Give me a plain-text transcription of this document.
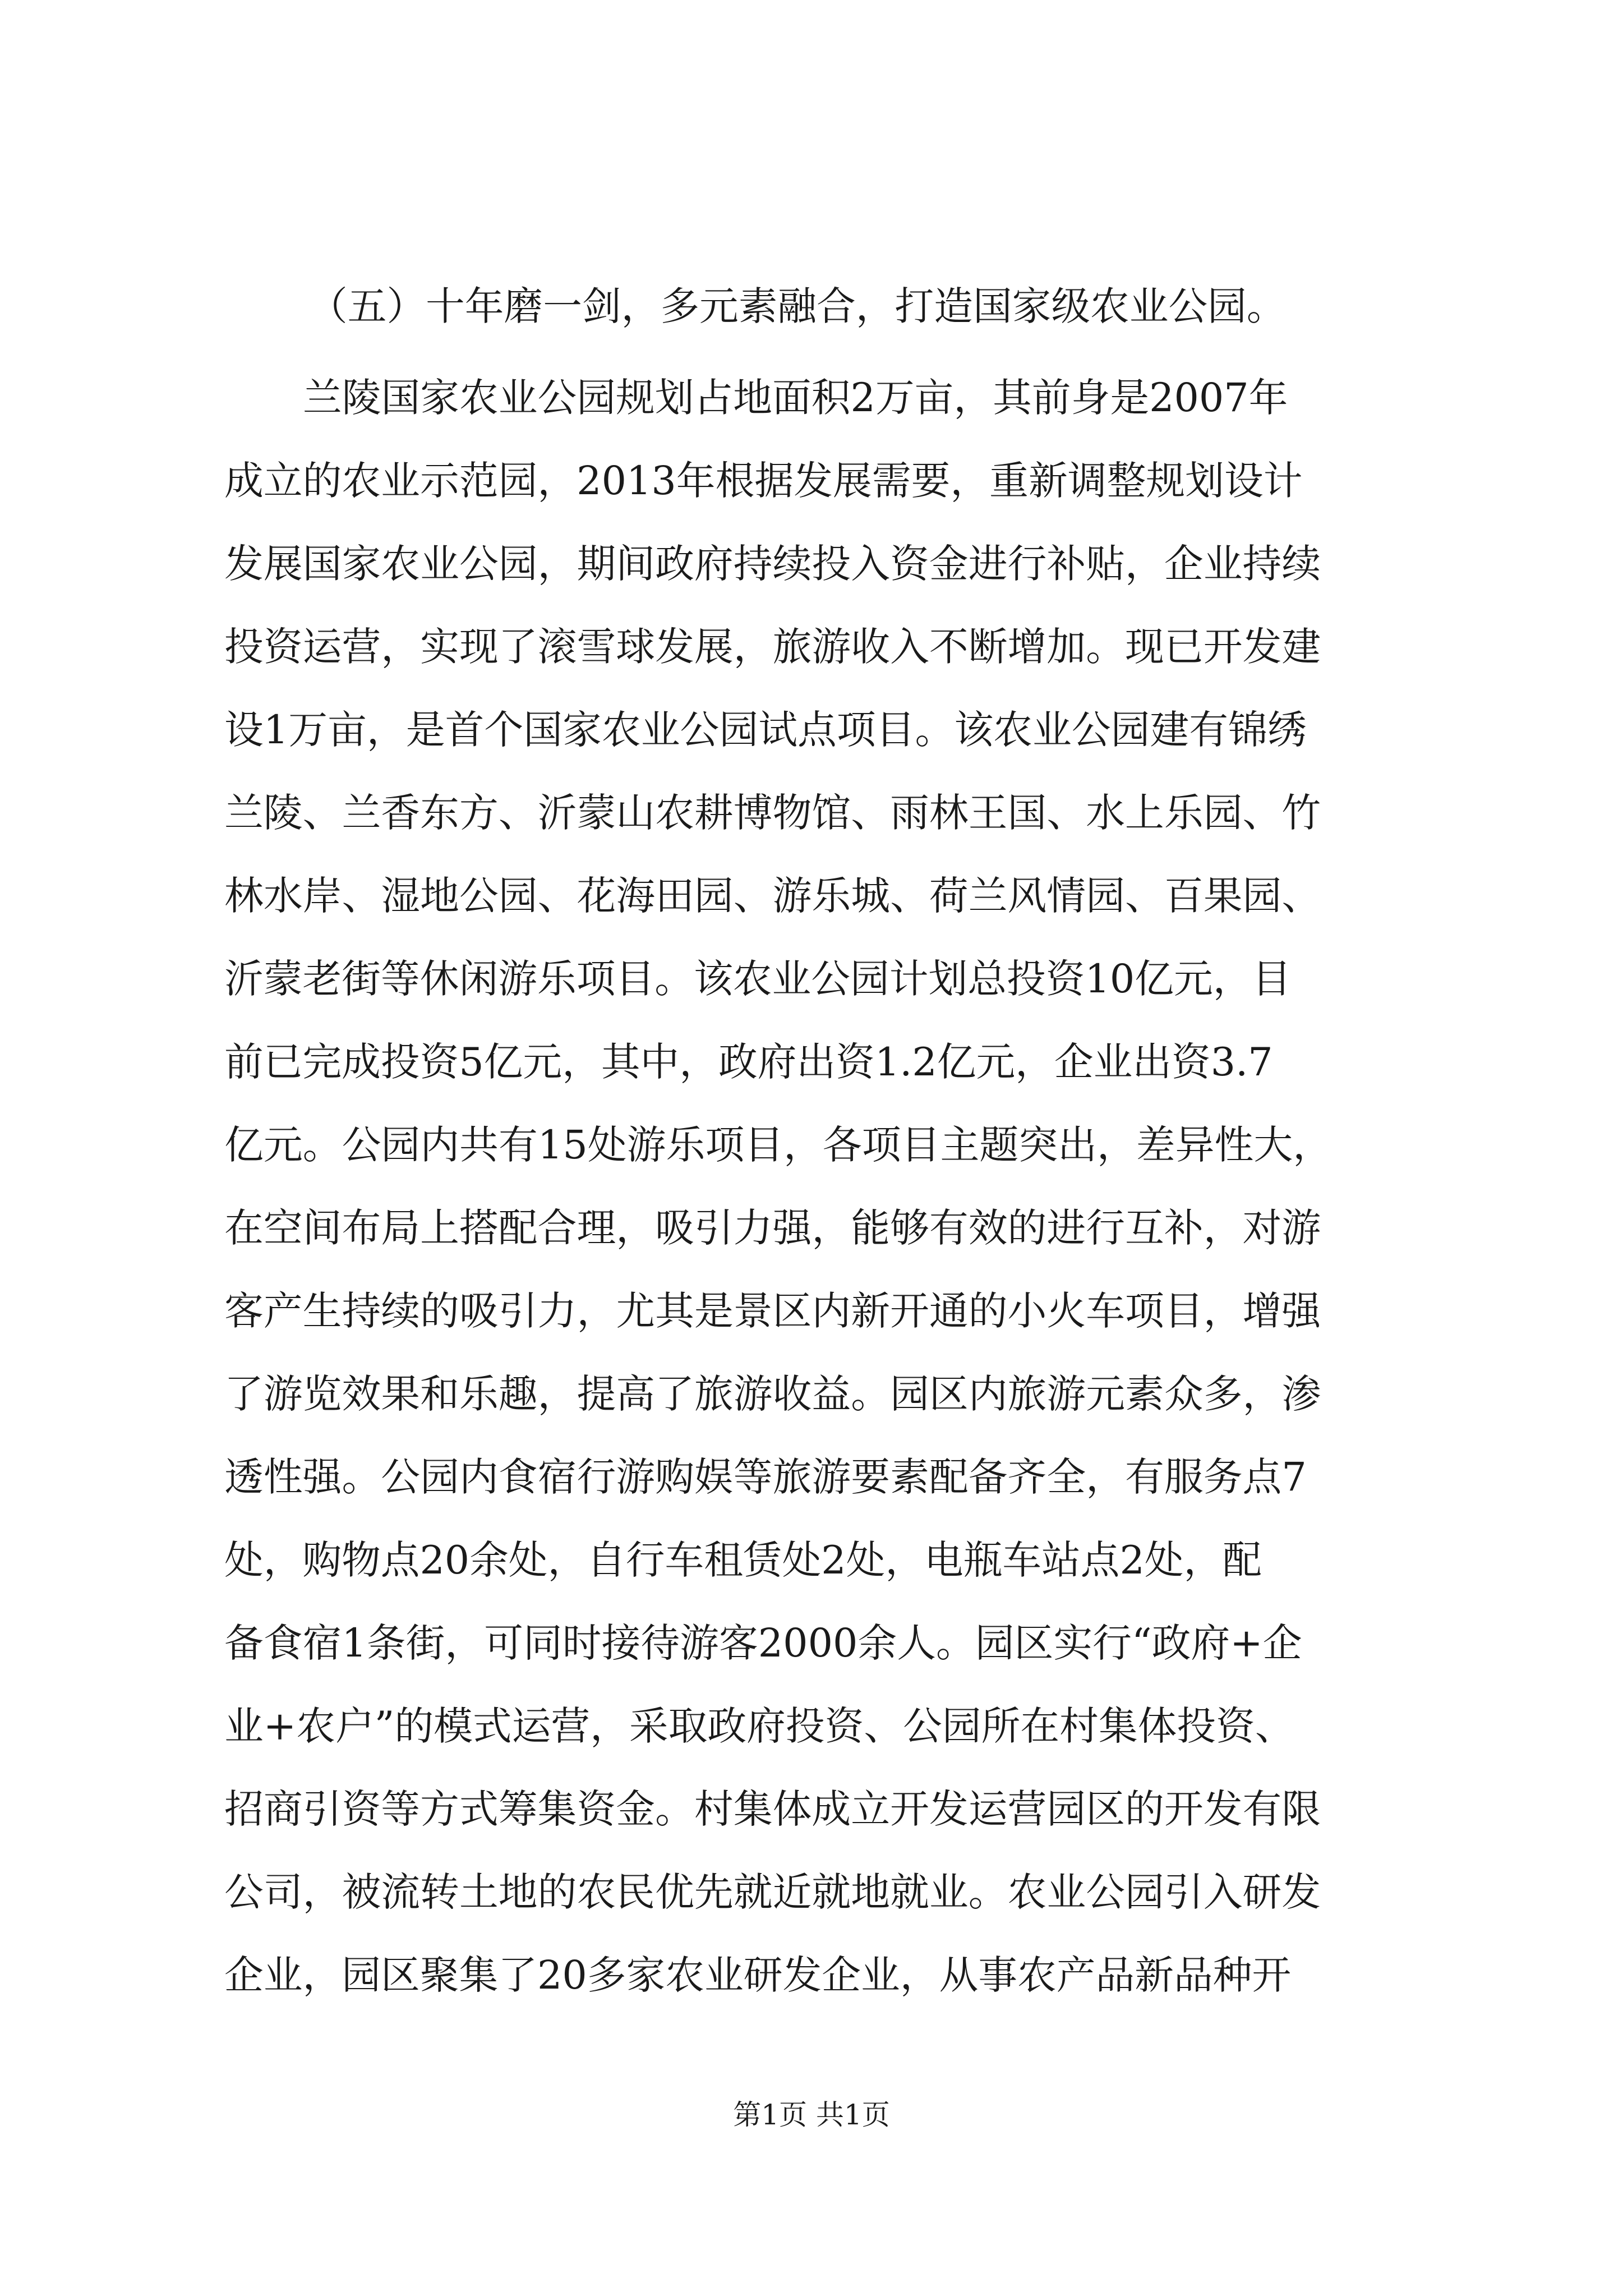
（五）十年磨一剑，多元素融合，打造国家级农业公园。
兰陵国家农业公园规划占地面积2万亩，其前身是2007年
成立的农业示范园，2013年根据发展需要，重新调整规划设计
发展国家农业公园，期间政府持续投入资金进行补贴，企业持续
投资运营，实现了滚雪球发展，旅游收入不断增加。现已开发建
设1万亩，是首个国家农业公园试点项目。该农业公园建有锦绣
兰陵、兰香东方、沂蒙山农耕博物馆、雨林王国、水上乐园、竹
林水岸、湿地公园、花海田园、游乐城、荷兰风情园、百果园、
沂蒙老街等休闲游乐项目。该农业公园计划总投资10亿元，目
前已完成投资5亿元，其中，政府出资1.2亿元，企业出资3.7
亿元。公园内共有15处游乐项目，各项目主题突出，差异性大，
在空间布局上搭配合理，吸引力强，能够有效的进行互补，对游
客产生持续的吸引力，尤其是景区内新开通的小火车项目，增强
了游览效果和乐趣，提高了旅游收益。园区内旅游元素众多，渗
透性强。公园内食宿行游购娱等旅游要素配备齐全，有服务点7
处，购物点20余处，自行车租赁处2处，电瓶车站点2处，配
备食宿1条街，可同时接待游客2000余人。园区实行“政府+企
业+农户”的模式运营，采取政府投资、公园所在村集体投资、
招商引资等方式筹集资金。村集体成立开发运营园区的开发有限
公司，被流转土地的农民优先就近就地就业。农业公园引入研发
企业，园区聚集了20多家农业研发企业，从事农产品新品种开
第1页 共1页
